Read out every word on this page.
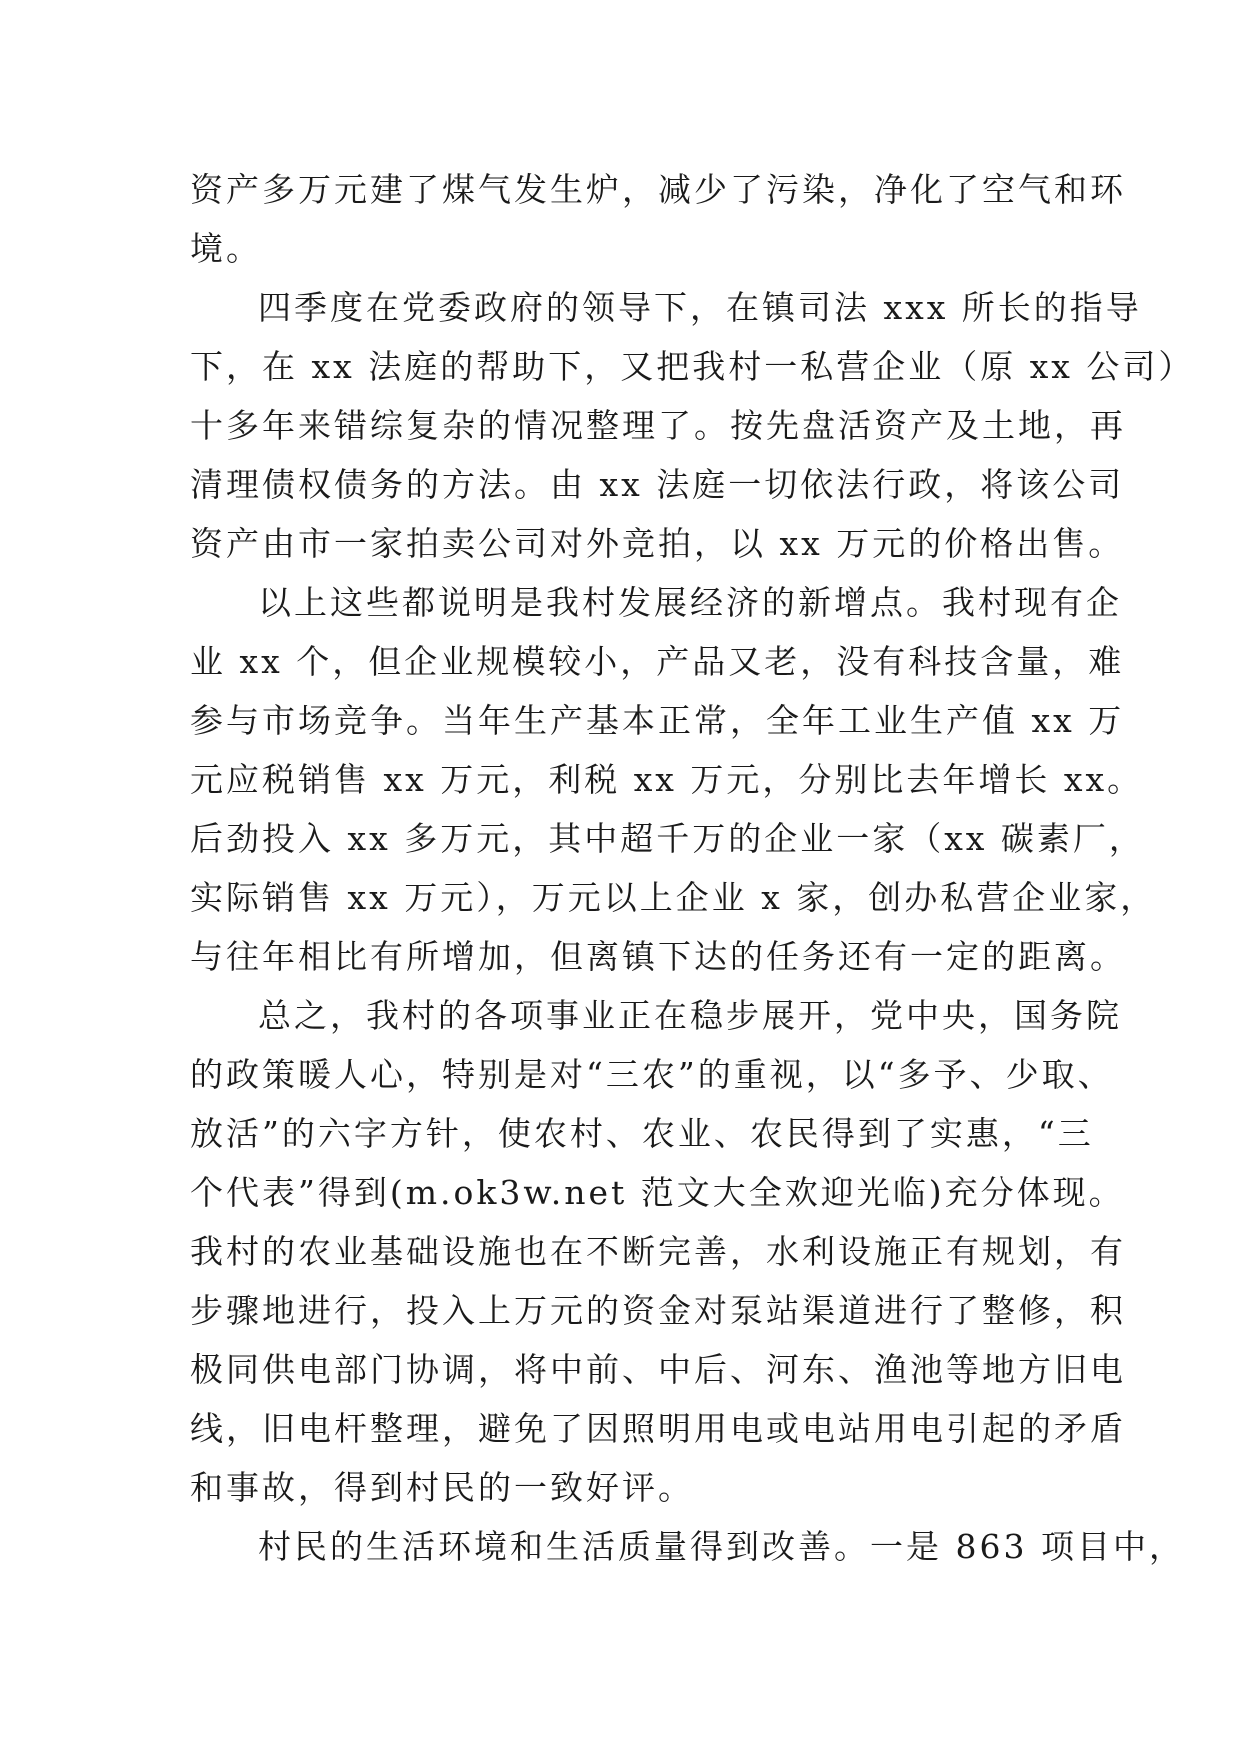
资产多万元建了煤气发生炉，减少了污染，净化了空气和环
境。
四季度在党委政府的领导下，在镇司法 xxx 所长的指导
下，在 xx 法庭的帮助下，又把我村一私营企业（原 xx 公司）
十多年来错综复杂的情况整理了。按先盘活资产及土地，再
清理债权债务的方法。由 xx 法庭一切依法行政，将该公司
资产由市一家拍卖公司对外竞拍，以 xx 万元的价格出售。
以上这些都说明是我村发展经济的新增点。我村现有企
业 xx 个，但企业规模较小，产品又老，没有科技含量，难
参与市场竞争。当年生产基本正常，全年工业生产值 xx 万
元应税销售 xx 万元，利税 xx 万元，分别比去年增长 xx。
后劲投入 xx 多万元，其中超千万的企业一家（xx 碳素厂，
实际销售 xx 万元），万元以上企业 x 家，创办私营企业家，
与往年相比有所增加，但离镇下达的任务还有一定的距离。
总之，我村的各项事业正在稳步展开，党中央，国务院
的政策暖人心，特别是对“三农”的重视，以“多予、少取、
放活”的六字方针，使农村、农业、农民得到了实惠，“三
个代表”得到(m.ok3w.net 范文大全欢迎光临)充分体现。
我村的农业基础设施也在不断完善，水利设施正有规划，有
步骤地进行，投入上万元的资金对泵站渠道进行了整修，积
极同供电部门协调，将中前、中后、河东、渔池等地方旧电
线，旧电杆整理，避免了因照明用电或电站用电引起的矛盾
和事故，得到村民的一致好评。
村民的生活环境和生活质量得到改善。一是 863 项目中，
